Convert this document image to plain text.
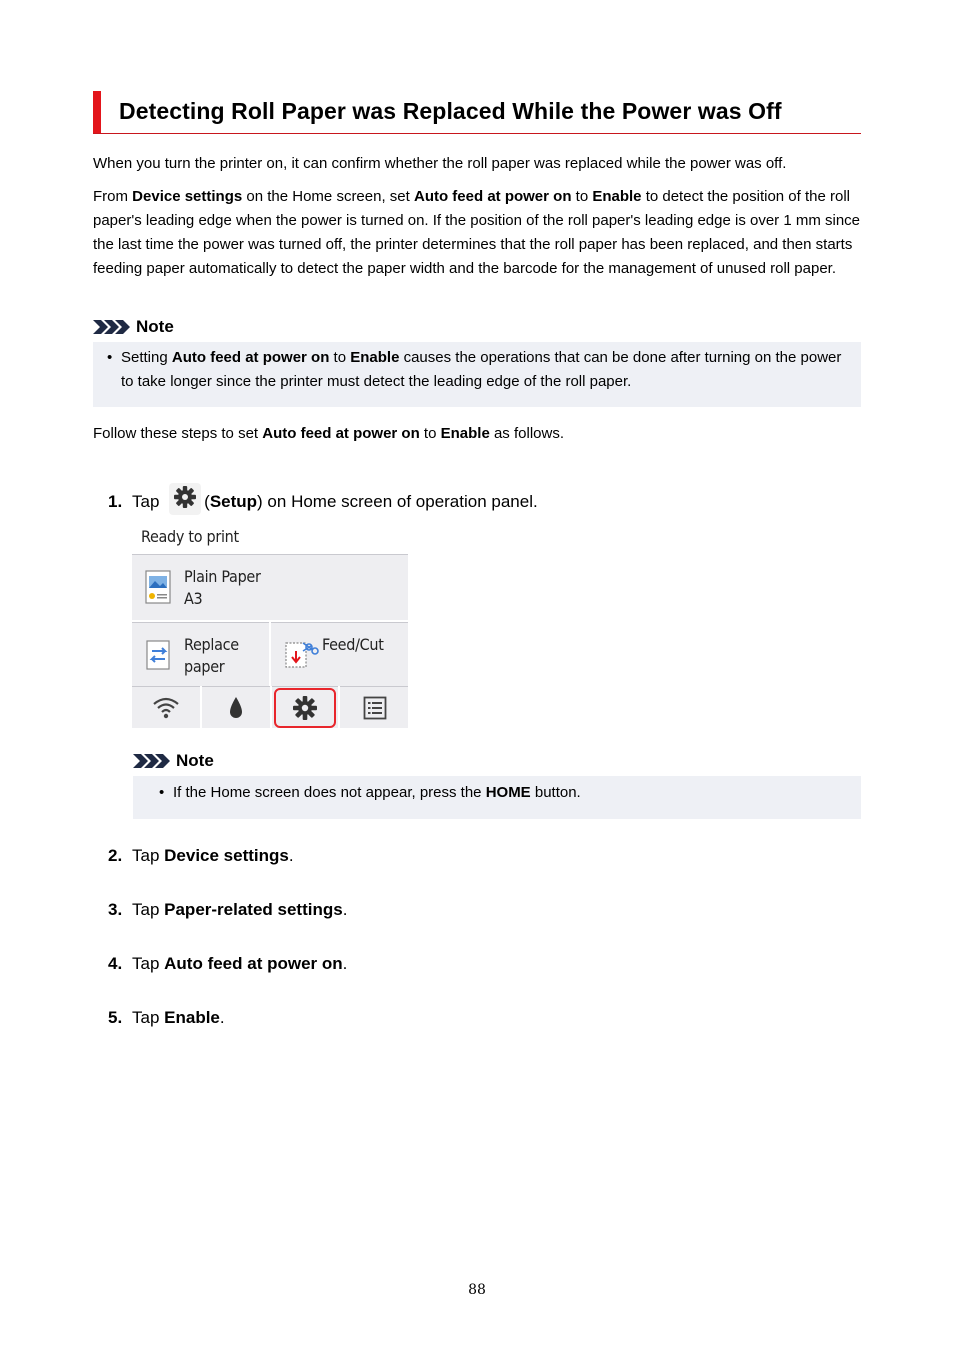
Detecting Roll Paper was Replaced While the Power was Off

When you turn the printer on, it can confirm whether the roll paper was replaced while the power was off.

From Device settings on the Home screen, set Auto feed at power on to Enable to detect the position of the roll paper's leading edge when the power is turned on. If the position of the roll paper's leading edge is over 1 mm since the last time the power was turned off, the printer determines that the roll paper has been replaced, and then starts feeding paper automatically to detect the paper width and the barcode for the management of unused roll paper.

Note
• Setting Auto feed at power on to Enable causes the operations that can be done after turning on the power to take longer since the printer must detect the leading edge of the roll paper.

Follow these steps to set Auto feed at power on to Enable as follows.

1. Tap (Setup) on Home screen of operation panel.
Ready to print
Plain Paper
A3
Replace
paper
Feed/Cut
Note
• If the Home screen does not appear, press the HOME button.

2. Tap Device settings.
3. Tap Paper-related settings.
4. Tap Auto feed at power on.
5. Tap Enable.
88
